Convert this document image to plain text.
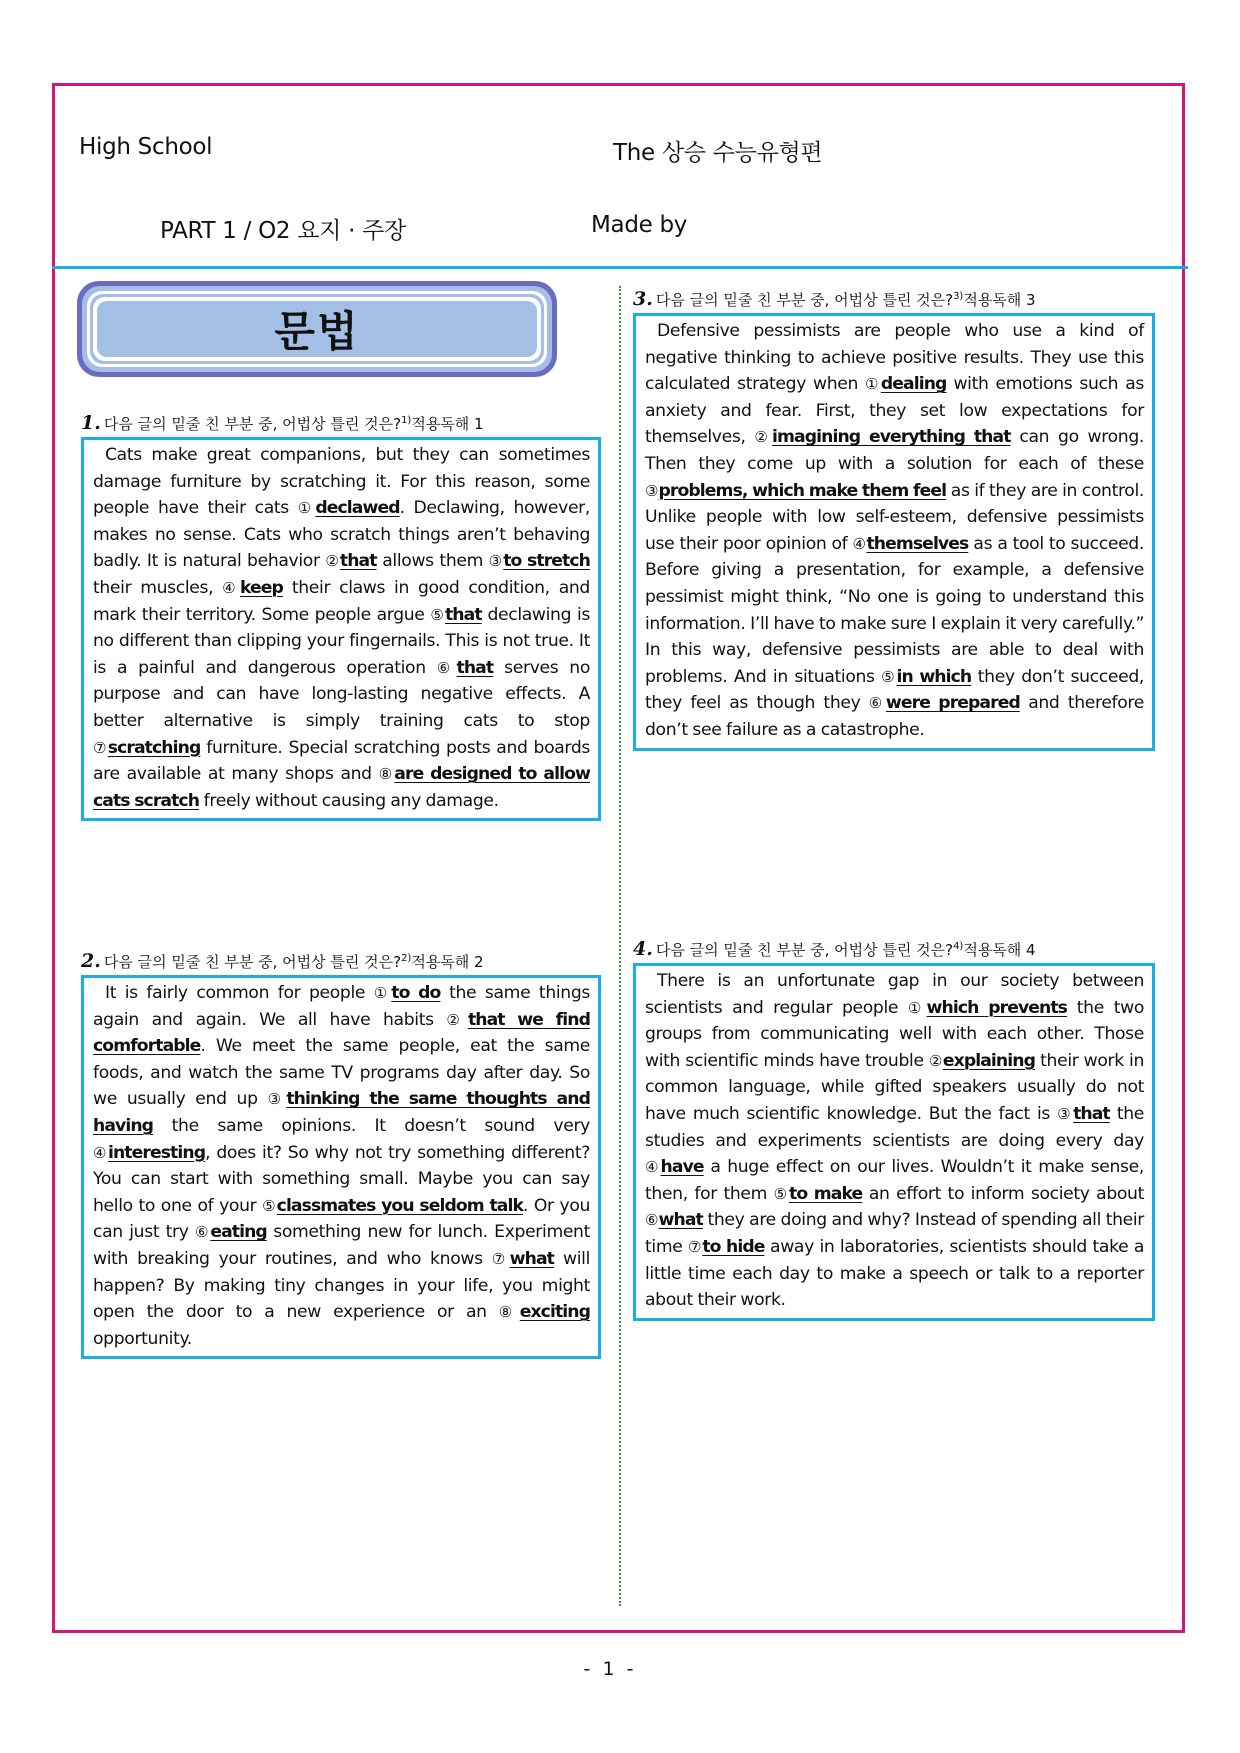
High School	The 상승 수능유형편
PART 1 / O2 요지 · 주장	Made by
문법
1. 다음 글의 밑줄 친 부분 중, 어법상 틀린 것은?$^{1)}$적용독해 1
Cats make great companions, but they can sometimes damage furniture by scratching it. For this reason, some people have their cats ①declawed. Declawing, however, makes no sense. Cats who scratch things aren’t behaving badly. It is natural behavior ②that allows them ③to stretch their muscles, ④keep their claws in good condition, and mark their territory. Some people argue ⑤that declawing is no different than clipping your fingernails. This is not true. It is a painful and dangerous operation ⑥that serves no purpose and can have long-lasting negative effects. A better alternative is simply training cats to stop ⑦scratching furniture. Special scratching posts and boards are available at many shops and ⑧are designed to allow cats scratch freely without causing any damage.
2. 다음 글의 밑줄 친 부분 중, 어법상 틀린 것은?$^{2)}$적용독해 2
It is fairly common for people ①to do the same things again and again. We all have habits ②that we find comfortable. We meet the same people, eat the same foods, and watch the same TV programs day after day. So we usually end up ③thinking the same thoughts and having the same opinions. It doesn’t sound very ④interesting, does it? So why not try something different? You can start with something small. Maybe you can say hello to one of your ⑤classmates you seldom talk. Or you can just try ⑥eating something new for lunch. Experiment with breaking your routines, and who knows ⑦what will happen? By making tiny changes in your life, you might open the door to a new experience or an ⑧exciting opportunity.
3. 다음 글의 밑줄 친 부분 중, 어법상 틀린 것은?$^{3)}$적용독해 3
Defensive pessimists are people who use a kind of negative thinking to achieve positive results. They use this calculated strategy when ①dealing with emotions such as anxiety and fear. First, they set low expectations for themselves, ②imagining everything that can go wrong. Then they come up with a solution for each of these ③problems, which make them feel as if they are in control. Unlike people with low self-esteem, defensive pessimists use their poor opinion of ④themselves as a tool to succeed. Before giving a presentation, for example, a defensive pessimist might think, “No one is going to understand this information. I’ll have to make sure I explain it very carefully.” In this way, defensive pessimists are able to deal with problems. And in situations ⑤in which they don’t succeed, they feel as though they ⑥were prepared and therefore don’t see failure as a catastrophe.
4. 다음 글의 밑줄 친 부분 중, 어법상 틀린 것은?$^{4)}$적용독해 4
There is an unfortunate gap in our society between scientists and regular people ①which prevents the two groups from communicating well with each other. Those with scientific minds have trouble ②explaining their work in common language, while gifted speakers usually do not have much scientific knowledge. But the fact is ③that the studies and experiments scientists are doing every day ④have a huge effect on our lives. Wouldn’t it make sense, then, for them ⑤to make an effort to inform society about ⑥what they are doing and why? Instead of spending all their time ⑦to hide away in laboratories, scientists should take a little time each day to make a speech or talk to a reporter about their work.
- 1 -
